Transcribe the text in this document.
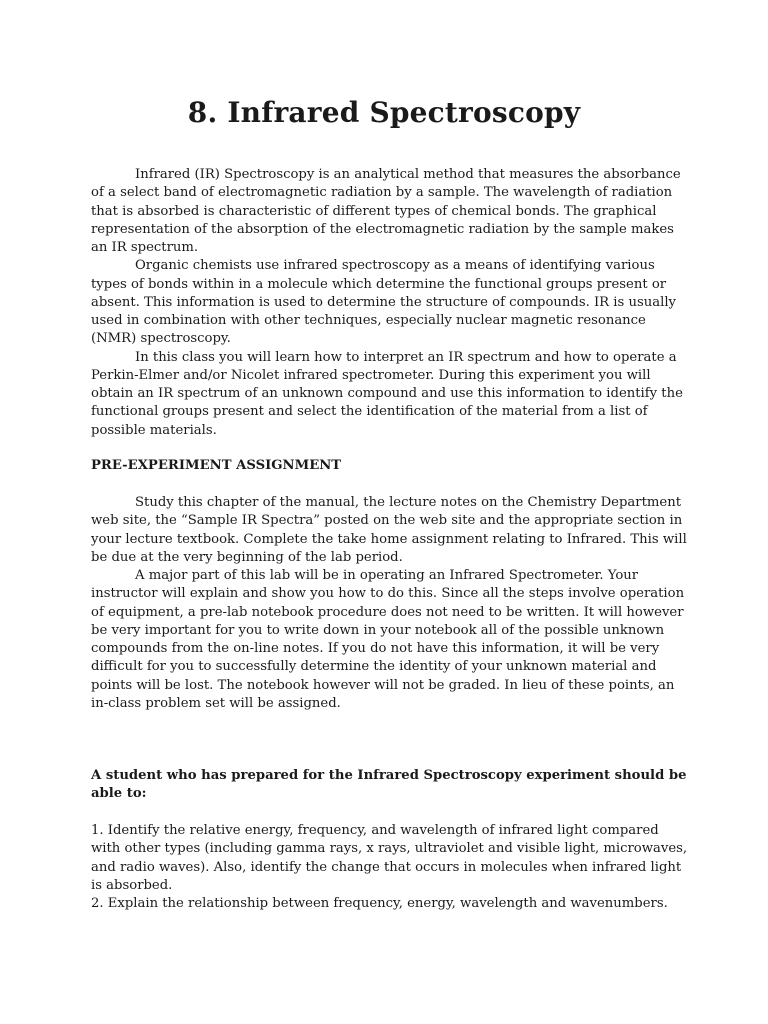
8. Infrared Spectroscopy

Infrared (IR) Spectroscopy is an analytical method that measures the absorbance of a select band of electromagnetic radiation by a sample. The wavelength of radiation that is absorbed is characteristic of different types of chemical bonds. The graphical representation of the absorption of the electromagnetic radiation by the sample makes an IR spectrum.

Organic chemists use infrared spectroscopy as a means of identifying various types of bonds within in a molecule which determine the functional groups present or absent. This information is used to determine the structure of compounds. IR is usually used in combination with other techniques, especially nuclear magnetic resonance (NMR) spectroscopy.

In this class you will learn how to interpret an IR spectrum and how to operate a Perkin-Elmer and/or Nicolet infrared spectrometer. During this experiment you will obtain an IR spectrum of an unknown compound and use this information to identify the functional groups present and select the identification of the material from a list of possible materials.

PRE-EXPERIMENT ASSIGNMENT

Study this chapter of the manual, the lecture notes on the Chemistry Department web site, the “Sample IR Spectra” posted on the web site and the appropriate section in your lecture textbook. Complete the take home assignment relating to Infrared. This will be due at the very beginning of the lab period.

A major part of this lab will be in operating an Infrared Spectrometer. Your instructor will explain and show you how to do this. Since all the steps involve operation of equipment, a pre-lab notebook procedure does not need to be written. It will however be very important for you to write down in your notebook all of the possible unknown compounds from the on-line notes. If you do not have this information, it will be very difficult for you to successfully determine the identity of your unknown material and points will be lost. The notebook however will not be graded. In lieu of these points, an in-class problem set will be assigned.

A student who has prepared for the Infrared Spectroscopy experiment should be able to:

1. Identify the relative energy, frequency, and wavelength of infrared light compared with other types (including gamma rays, x rays, ultraviolet and visible light, microwaves, and radio waves). Also, identify the change that occurs in molecules when infrared light is absorbed.

2. Explain the relationship between frequency, energy, wavelength and wavenumbers.
